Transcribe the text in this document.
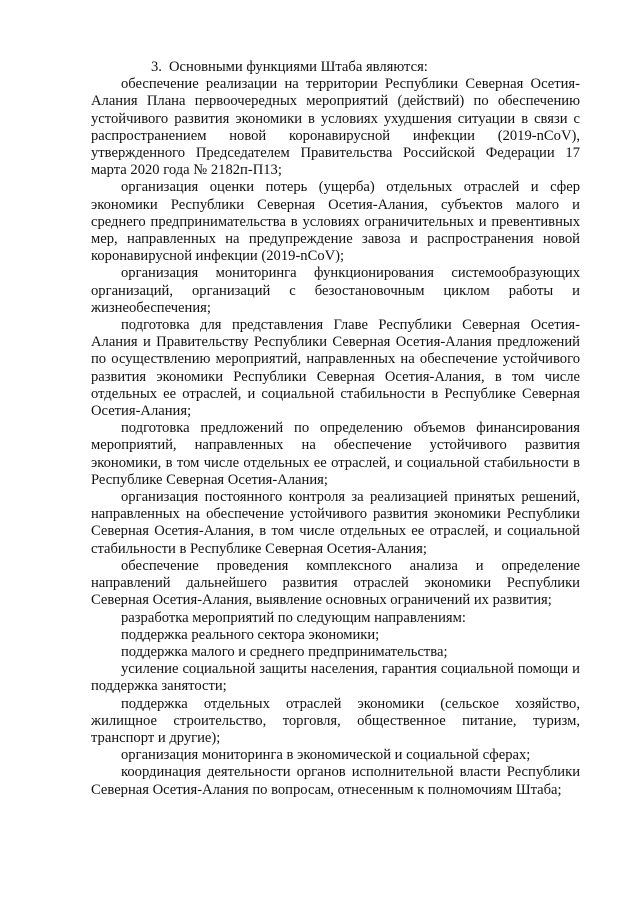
3. Основными функциями Штаба являются:

обеспечение реализации на территории Республики Северная Осетия-Алания Плана первоочередных мероприятий (действий) по обеспечению устойчивого развития экономики в условиях ухудшения ситуации в связи с распространением новой коронавирусной инфекции (2019-nCoV), утвержденного Председателем Правительства Российской Федерации 17 марта 2020 года № 2182п-П13;

организация оценки потерь (ущерба) отдельных отраслей и сфер экономики Республики Северная Осетия-Алания, субъектов малого и среднего предпринимательства в условиях ограничительных и превентивных мер, направленных на предупреждение завоза и распространения новой коронавирусной инфекции (2019-nCoV);

организация мониторинга функционирования системообразующих организаций, организаций с безостановочным циклом работы и жизнеобеспечения;

подготовка для представления Главе Республики Северная Осетия-Алания и Правительству Республики Северная Осетия-Алания предложений по осуществлению мероприятий, направленных на обеспечение устойчивого развития экономики Республики Северная Осетия-Алания, в том числе отдельных ее отраслей, и социальной стабильности в Республике Северная Осетия-Алания;

подготовка предложений по определению объемов финансирования мероприятий, направленных на обеспечение устойчивого развития экономики, в том числе отдельных ее отраслей, и социальной стабильности в Республике Северная Осетия-Алания;

организация постоянного контроля за реализацией принятых решений, направленных на обеспечение устойчивого развития экономики Республики Северная Осетия-Алания, в том числе отдельных ее отраслей, и социальной стабильности в Республике Северная Осетия-Алания;

обеспечение проведения комплексного анализа и определение направлений дальнейшего развития отраслей экономики Республики Северная Осетия-Алания, выявление основных ограничений их развития;

разработка мероприятий по следующим направлениям:

поддержка реального сектора экономики;

поддержка малого и среднего предпринимательства;

усиление социальной защиты населения, гарантия социальной помощи и поддержка занятости;

поддержка отдельных отраслей экономики (сельское хозяйство, жилищное строительство, торговля, общественное питание, туризм, транспорт и другие);

организация мониторинга в экономической и социальной сферах;

координация деятельности органов исполнительной власти Республики Северная Осетия-Алания по вопросам, отнесенным к полномочиям Штаба;
